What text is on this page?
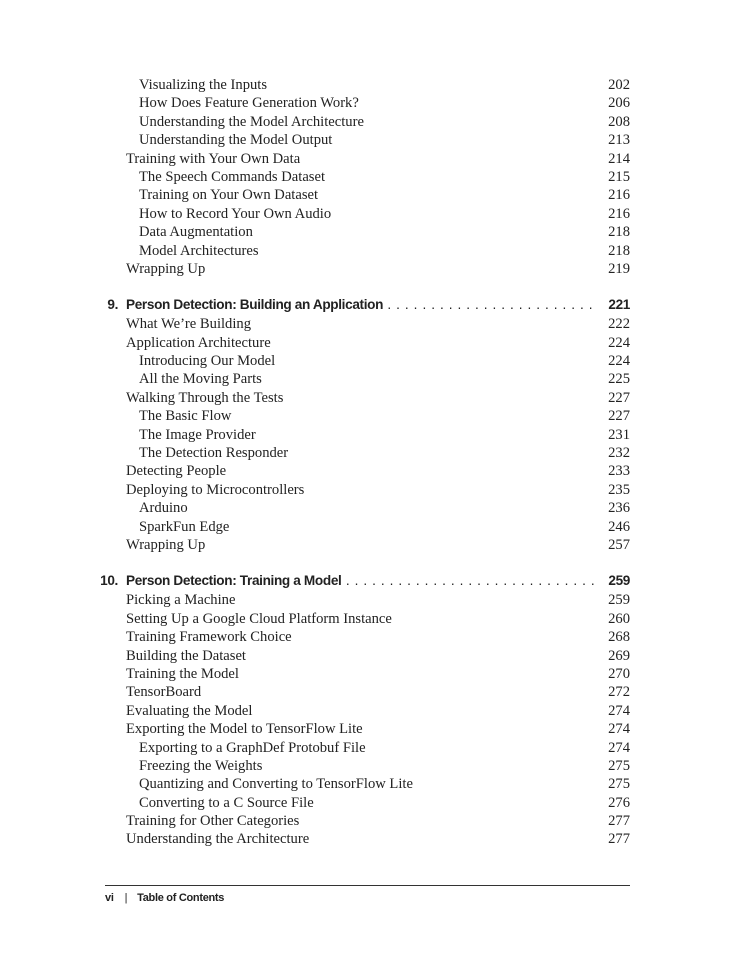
Visualizing the Inputs	202
How Does Feature Generation Work?	206
Understanding the Model Architecture	208
Understanding the Model Output	213
Training with Your Own Data	214
The Speech Commands Dataset	215
Training on Your Own Dataset	216
How to Record Your Own Audio	216
Data Augmentation	218
Model Architectures	218
Wrapping Up	219
9. Person Detection: Building an Application . . .	221
What We’re Building	222
Application Architecture	224
Introducing Our Model	224
All the Moving Parts	225
Walking Through the Tests	227
The Basic Flow	227
The Image Provider	231
The Detection Responder	232
Detecting People	233
Deploying to Microcontrollers	235
Arduino	236
SparkFun Edge	246
Wrapping Up	257
10. Person Detection: Training a Model . . .	259
Picking a Machine	259
Setting Up a Google Cloud Platform Instance	260
Training Framework Choice	268
Building the Dataset	269
Training the Model	270
TensorBoard	272
Evaluating the Model	274
Exporting the Model to TensorFlow Lite	274
Exporting to a GraphDef Protobuf File	274
Freezing the Weights	275
Quantizing and Converting to TensorFlow Lite	275
Converting to a C Source File	276
Training for Other Categories	277
Understanding the Architecture	277
vi | Table of Contents
